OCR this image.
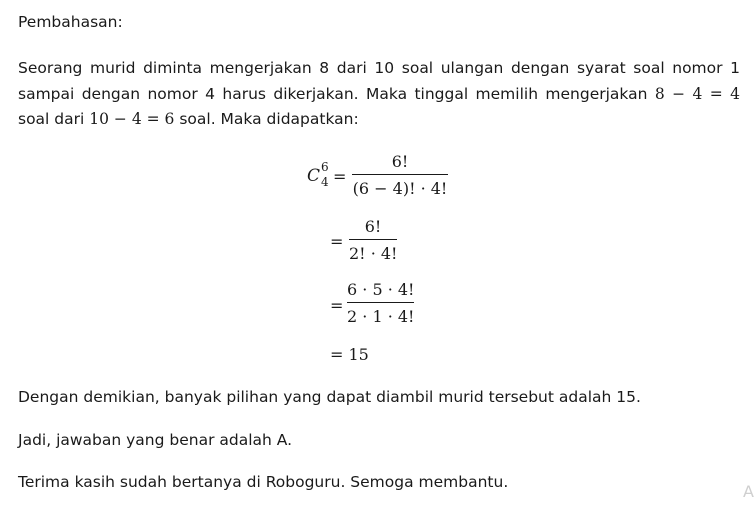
Pembahasan:
Seorang murid diminta mengerjakan 8 dari 10 soal ulangan dengan syarat soal nomor 1
sampai dengan nomor 4 harus dikerjakan. Maka tinggal memilih mengerjakan 8 − 4 = 4
soal dari 10 − 4 = 6 soal. Maka didapatkan:
C 6
4 =
6!
(6 − 4)! · 4!
=
6!
2! · 4!
=
6 · 5 · 4!
2 · 1 · 4!
= 15
Dengan demikian, banyak pilihan yang dapat diambil murid tersebut adalah 15.
Jadi, jawaban yang benar adalah A.
Terima kasih sudah bertanya di Roboguru. Semoga membantu.	A
